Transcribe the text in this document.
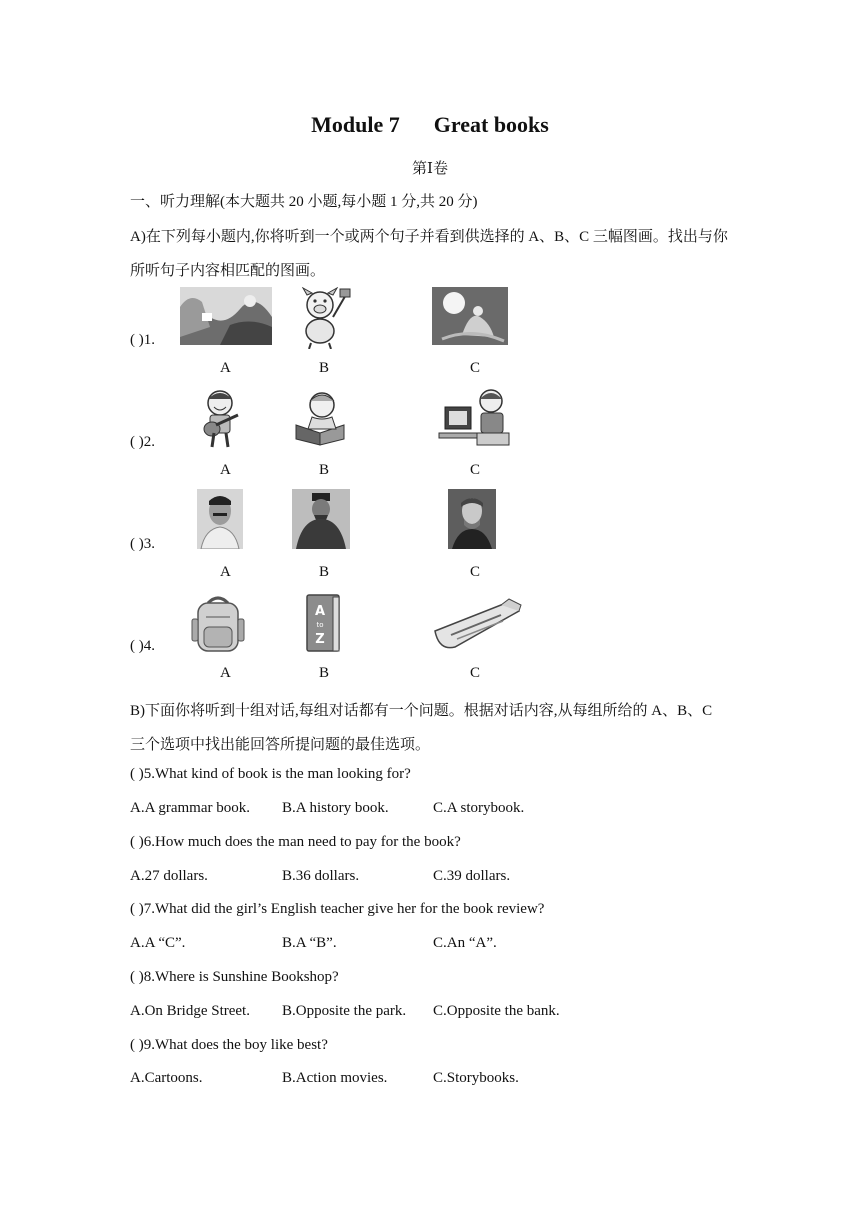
Module 7 Great books
第Ⅰ卷
一、听力理解(本大题共 20 小题,每小题 1 分,共 20 分)
A)在下列每小题内,你将听到一个或两个句子并看到供选择的 A、B、C 三幅图画。找出与你
所听句子内容相匹配的图画。
( )1.
A	B	C
( )2.
A	B	C
( )3.
A	B	C
( )4.
A
to
Z
A	B	C
B)下面你将听到十组对话,每组对话都有一个问题。根据对话内容,从每组所给的 A、B、C
三个选项中找出能回答所提问题的最佳选项。
( )5.What kind of book is the man looking for?
A.A grammar book. B.A history book.	C.A storybook.
( )6.How much does the man need to pay for the book?
A.27 dollars.	B.36 dollars.	C.39 dollars.
( )7.What did the girl’s English teacher give her for the book review?
A.A “C”.	B.A “B”.	C.An “A”.
( )8.Where is Sunshine Bookshop?
A.On Bridge Street. B.Opposite the park. C.Opposite the bank.
( )9.What does the boy like best?
A.Cartoons.	B.Action movies.	C.Storybooks.
